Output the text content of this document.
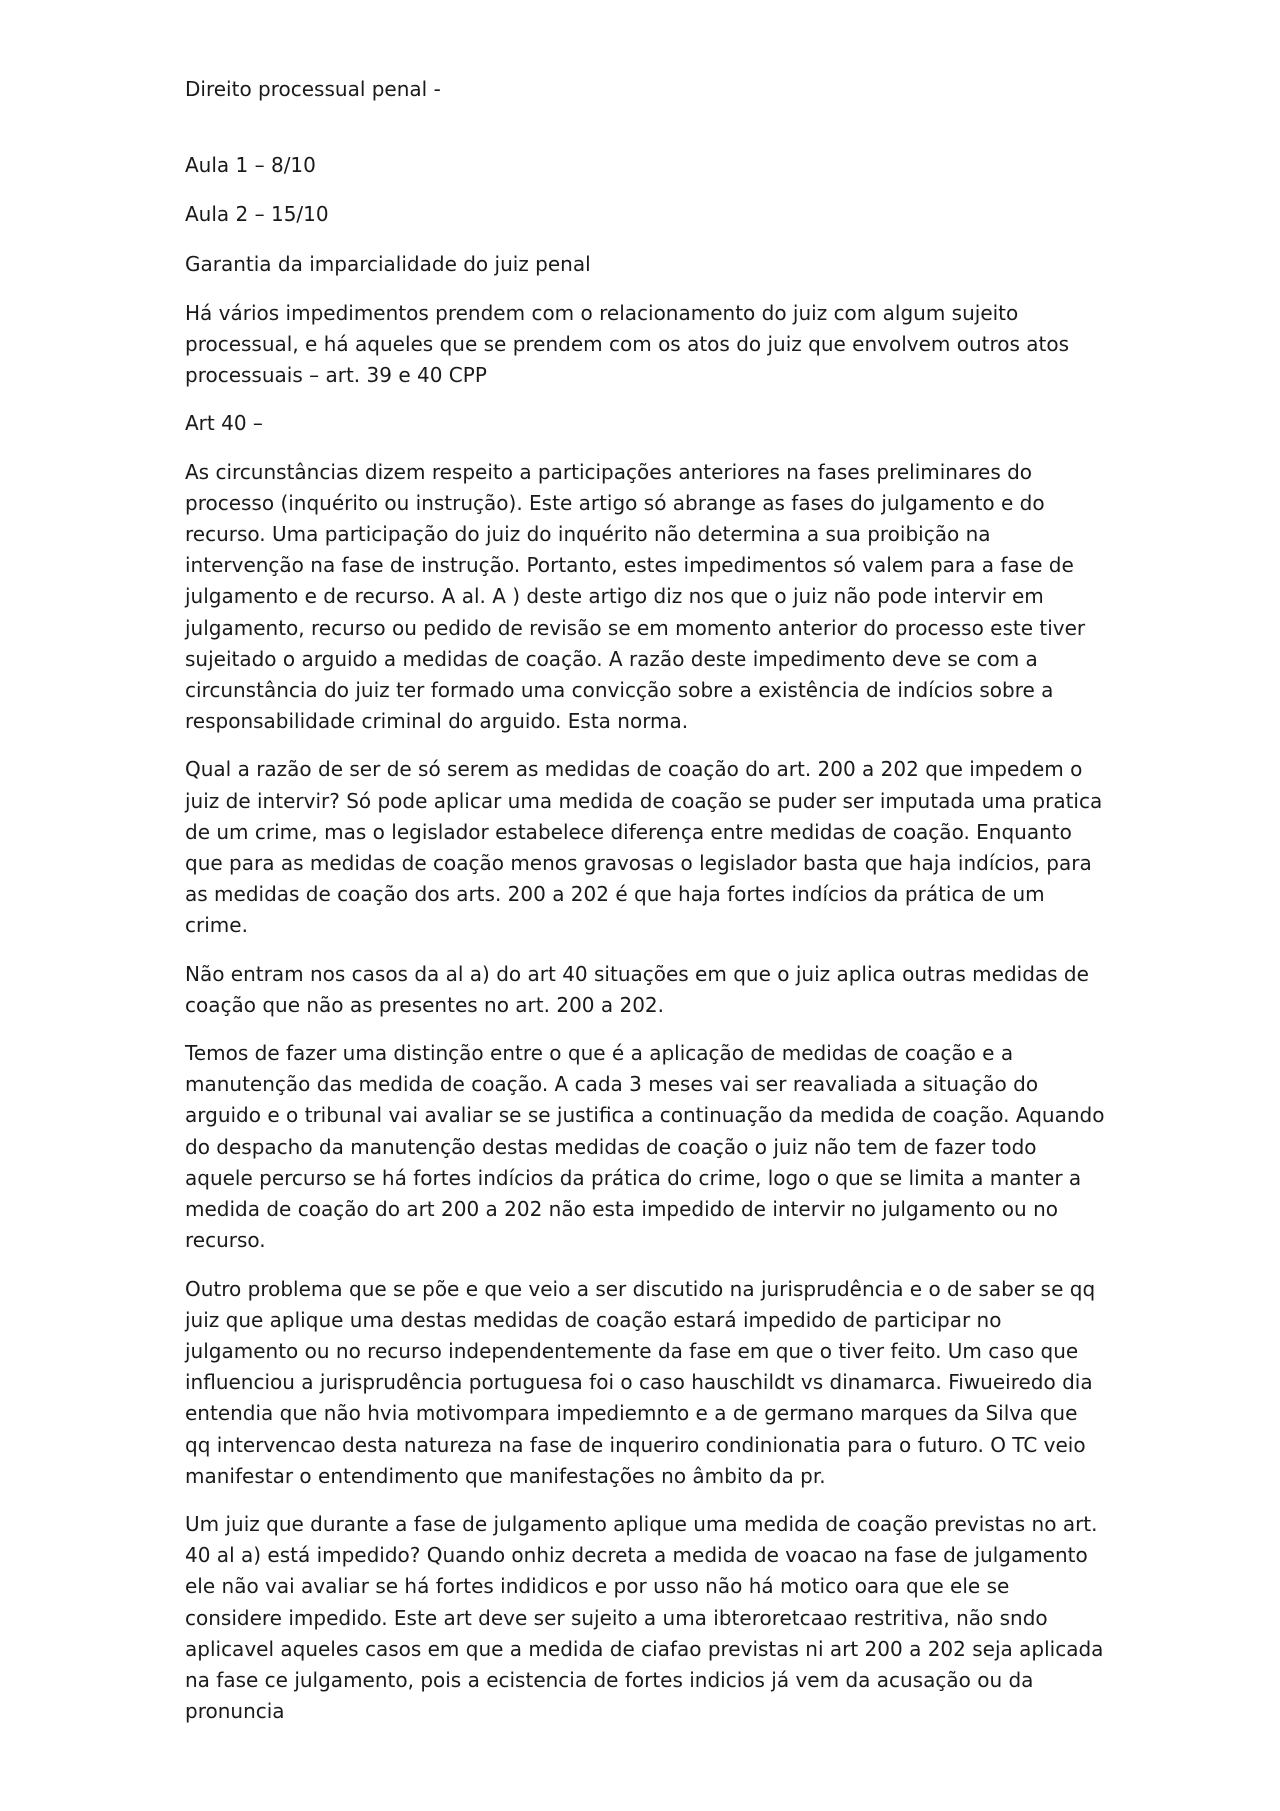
Direito processual penal -

Aula 1 – 8/10

Aula 2 – 15/10

Garantia da imparcialidade do juiz penal

Há vários impedimentos prendem com o relacionamento do juiz com algum sujeito processual, e há aqueles que se prendem com os atos do juiz que envolvem outros atos processuais – art. 39 e 40 CPP

Art 40 –

As circunstâncias dizem respeito a participações anteriores na fases preliminares do processo (inquérito ou instrução). Este artigo só abrange as fases do julgamento e do recurso. Uma participação do juiz do inquérito não determina a sua proibição na intervenção na fase de instrução. Portanto, estes impedimentos só valem para a fase de julgamento e de recurso. A al. A ) deste artigo diz nos que o juiz não pode intervir em julgamento, recurso ou pedido de revisão se em momento anterior do processo este tiver sujeitado o arguido a medidas de coação. A razão deste impedimento deve se com a circunstância do juiz ter formado uma convicção sobre a existência de indícios sobre a responsabilidade criminal do arguido. Esta norma.

Qual a razão de ser de só serem as medidas de coação do art. 200 a 202 que impedem o juiz de intervir? Só pode aplicar uma medida de coação se puder ser imputada uma pratica de um crime, mas o legislador estabelece diferença entre medidas de coação. Enquanto que para as medidas de coação menos gravosas o legislador basta que haja indícios, para as medidas de coação dos arts. 200 a 202 é que haja fortes indícios da prática de um crime.

Não entram nos casos da al a) do art 40 situações em que o juiz aplica outras medidas de coação que não as presentes no art. 200 a 202.

Temos de fazer uma distinção entre o que é a aplicação de medidas de coação e a manutenção das medida de coação. A cada 3 meses vai ser reavaliada a situação do arguido e o tribunal vai avaliar se se justifica a continuação da medida de coação. Aquando do despacho da manutenção destas medidas de coação o juiz não tem de fazer todo aquele percurso se há fortes indícios da prática do crime, logo o que se limita a manter a medida de coação do art 200 a 202 não esta impedido de intervir no julgamento ou no recurso.

Outro problema que se põe e que veio a ser discutido na jurisprudência e o de saber se qq juiz que aplique uma destas medidas de coação estará impedido de participar no julgamento ou no recurso independentemente da fase em que o tiver feito. Um caso que influenciou a jurisprudência portuguesa foi o caso hauschildt vs dinamarca. Fiwueiredo dia entendia que não hvia motivompara impediemnto e a de germano marques da Silva que qq intervencao desta natureza na fase de inqueriro condinionatia para o futuro. O TC veio manifestar o entendimento que manifestações no âmbito da pr.

Um juiz que durante a fase de julgamento aplique uma medida de coação previstas no art. 40 al a) está impedido? Quando onhiz decreta a medida de voacao na fase de julgamento ele não vai avaliar se há fortes indidicos e por usso não há motico oara que ele se considere impedido. Este art deve ser sujeito a uma ibteroretcaao restritiva, não sndo aplicavel aqueles casos em que a medida de ciafao previstas ni art 200 a 202 seja aplicada na fase ce julgamento, pois a ecistencia de fortes indicios já vem da acusação ou da pronuncia
